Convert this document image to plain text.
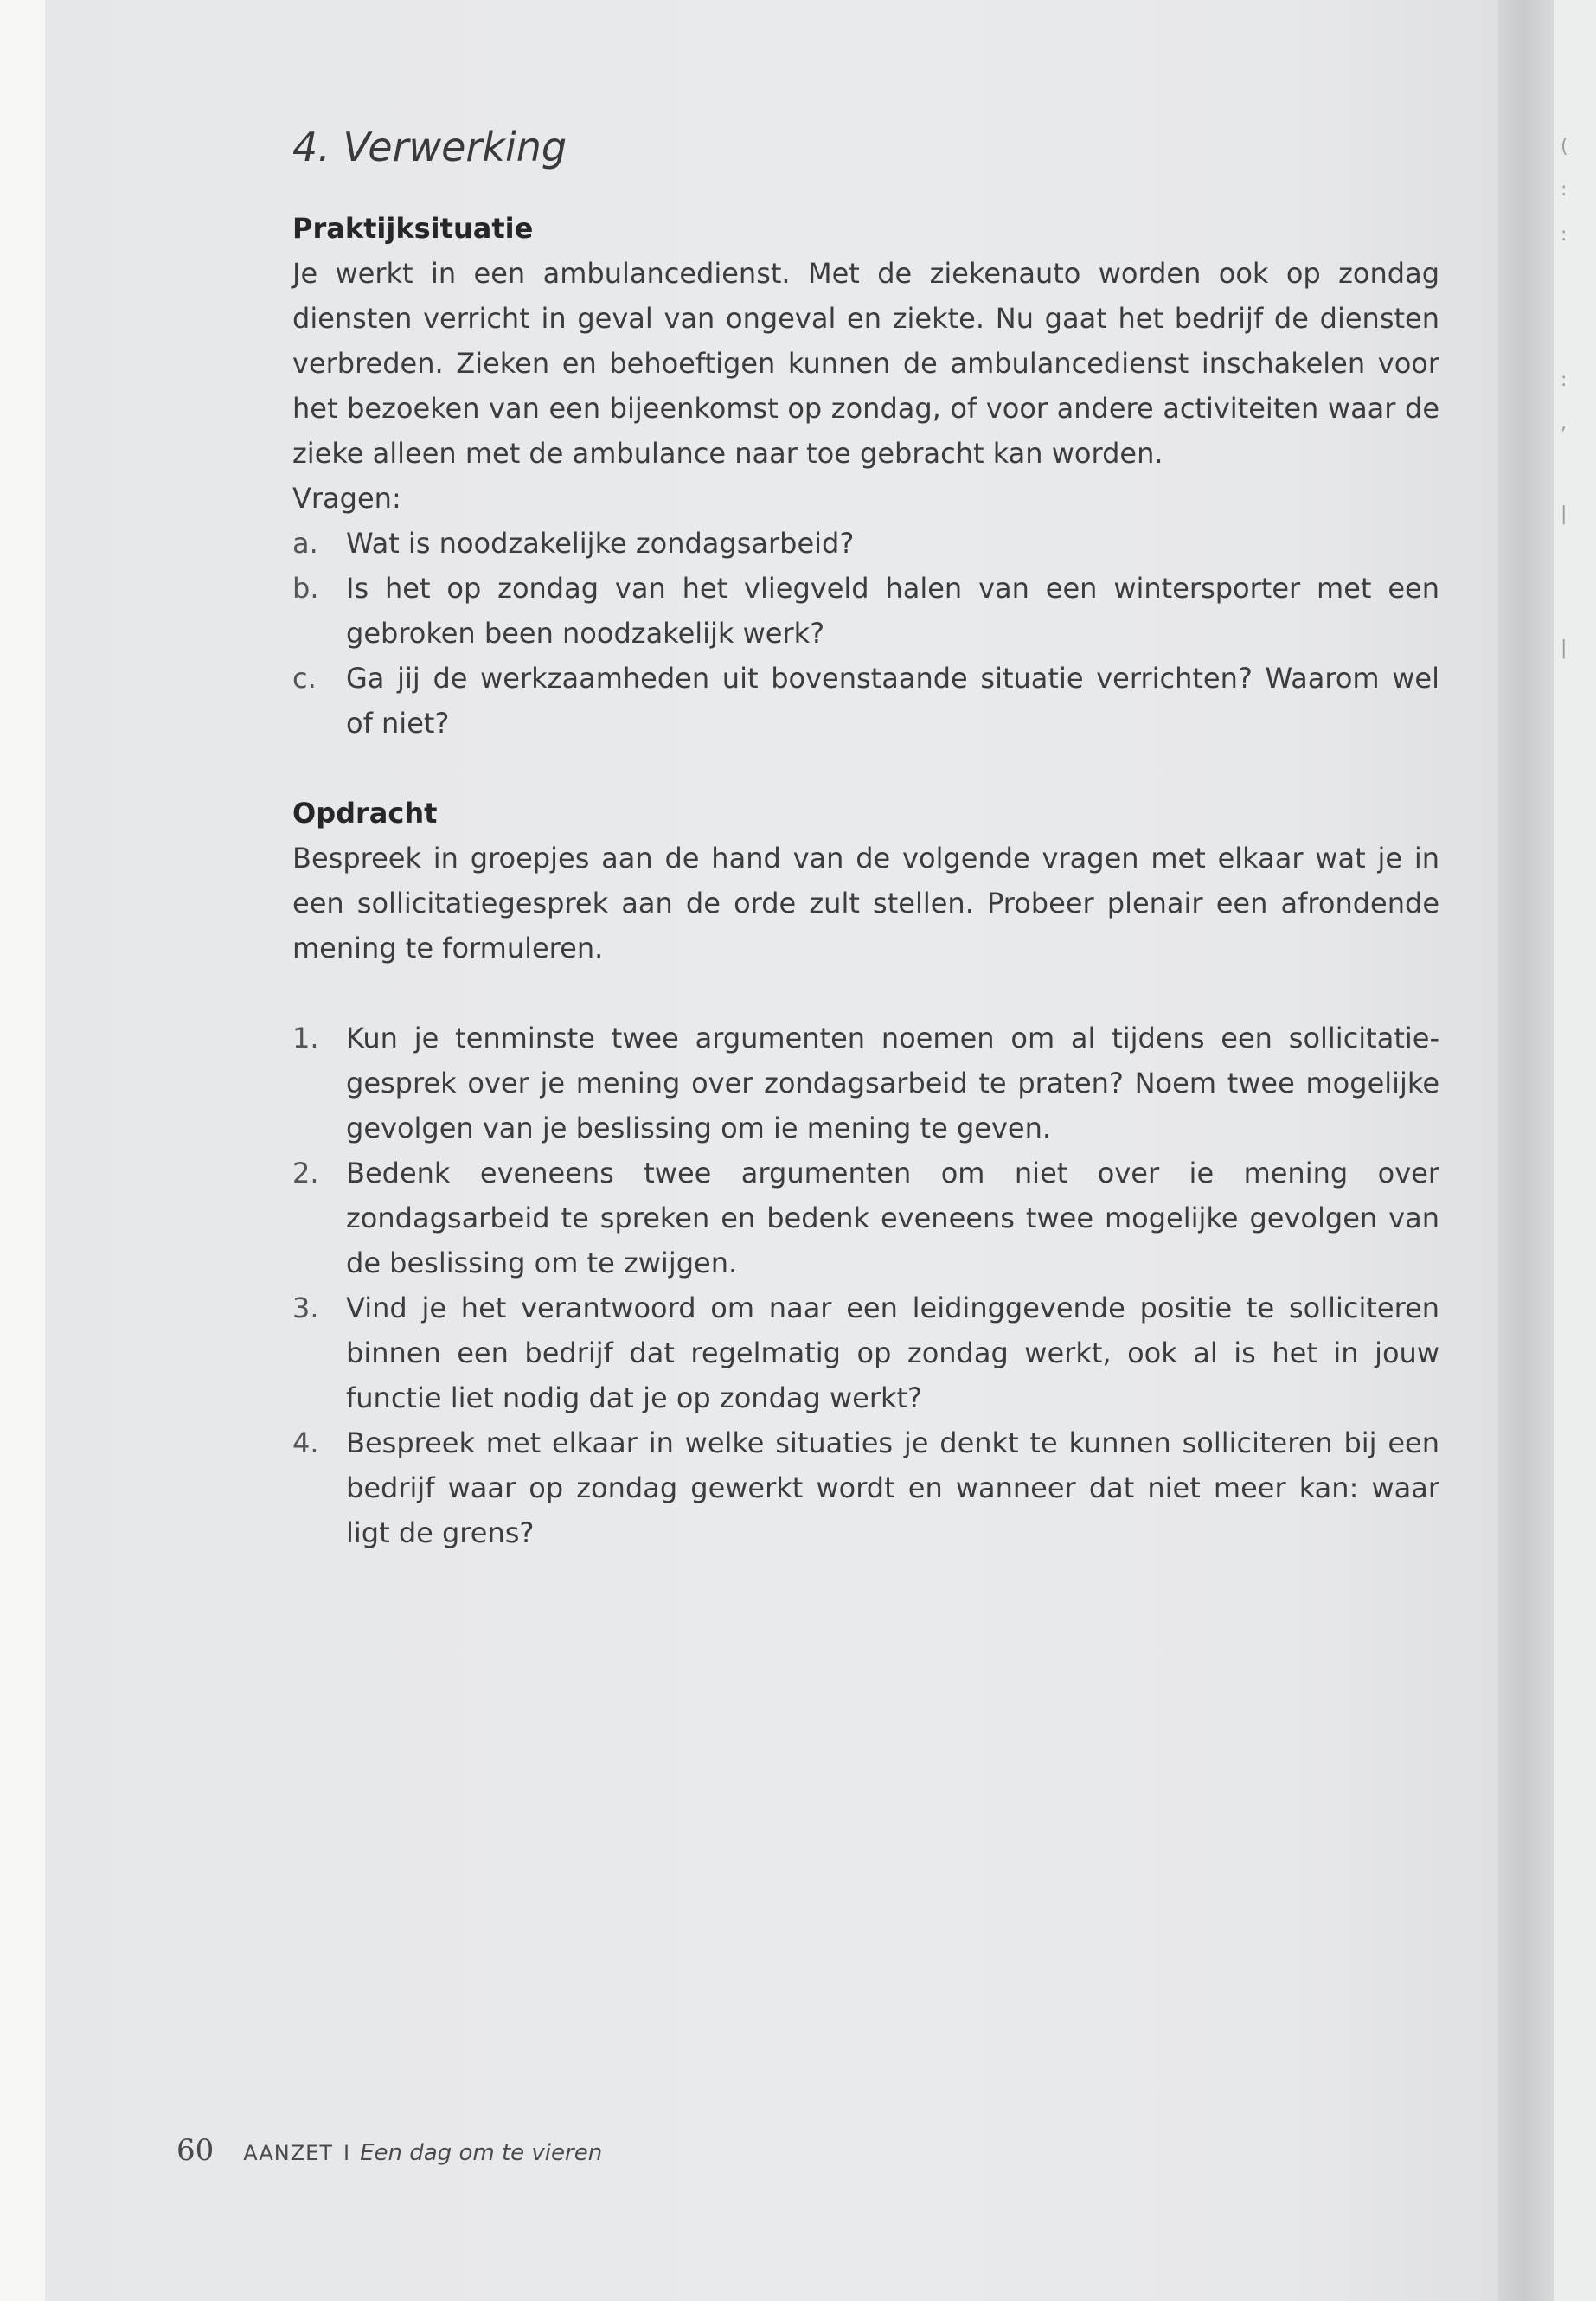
(
:
:
:
,
|
|
4. Verwerking

Praktijksituatie

Je werkt in een ambulancedienst. Met de ziekenauto worden ook op zondag diensten verricht in geval van ongeval en ziekte. Nu gaat het bedrijf de diensten verbreden. Zieken en behoeftigen kunnen de ambulancedienst inschakelen voor het bezoeken van een bijeenkomst op zondag, of voor andere activiteiten waar de zieke alleen met de ambulance naar toe gebracht kan worden.

Vragen:

a. Wat is noodzakelijke zondagsarbeid?
b. Is het op zondag van het vliegveld halen van een wintersporter met een gebroken been noodzakelijk werk?
c. Ga jij de werkzaamheden uit bovenstaande situatie verrichten? Waarom wel of niet?

Opdracht

Bespreek in groepjes aan de hand van de volgende vragen met elkaar wat je in een sollicitatiegesprek aan de orde zult stellen. Probeer plenair een afrondende mening te formuleren.

1. Kun je tenminste twee argumenten noemen om al tijdens een sollicitatie-gesprek over je mening over zondagsarbeid te praten? Noem twee mogelijke gevolgen van je beslissing om ie mening te geven.
2. Bedenk eveneens twee argumenten om niet over ie mening over zondagsarbeid te spreken en bedenk eveneens twee mogelijke gevolgen van de beslissing om te zwijgen.
3. Vind je het verantwoord om naar een leidinggevende positie te solliciteren binnen een bedrijf dat regelmatig op zondag werkt, ook al is het in jouw functie liet nodig dat je op zondag werkt?
4. Bespreek met elkaar in welke situaties je denkt te kunnen solliciteren bij een bedrijf waar op zondag gewerkt wordt en wanneer dat niet meer kan: waar ligt de grens?
60 AANZET I Een dag om te vieren
